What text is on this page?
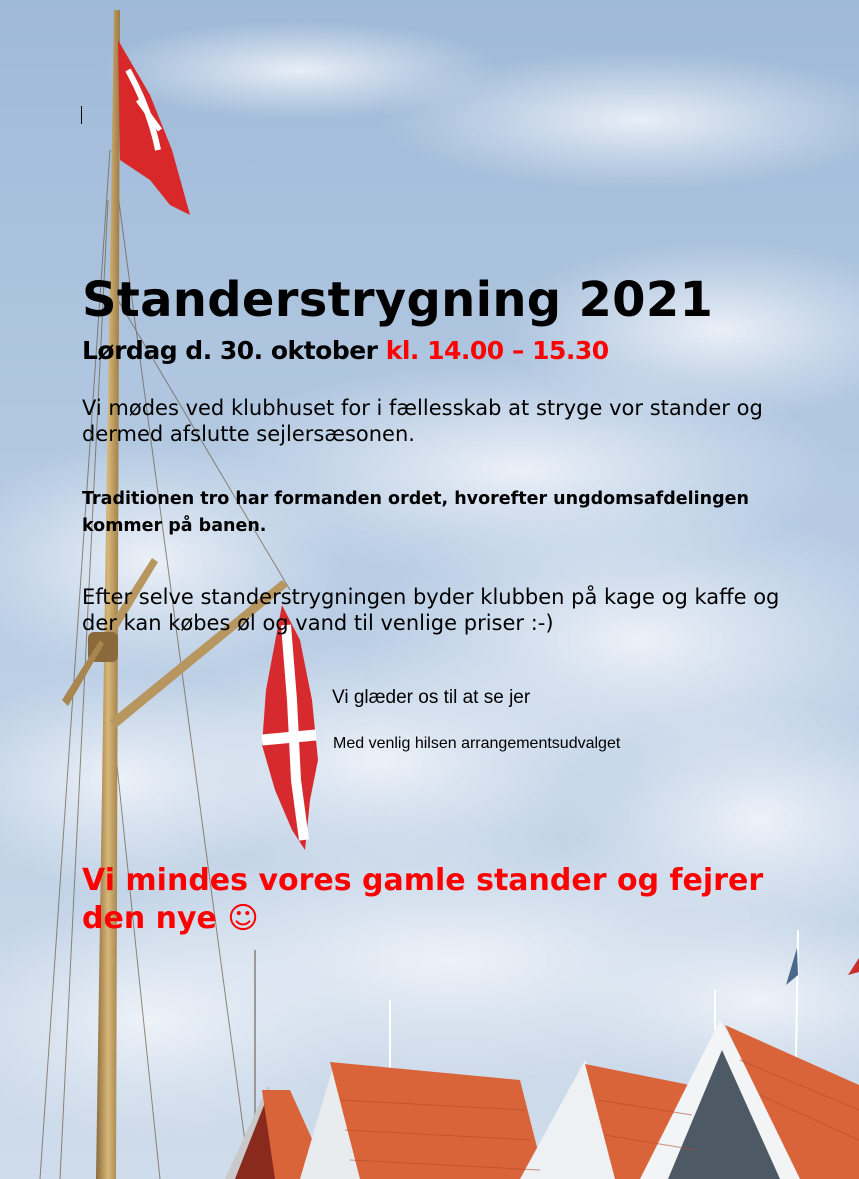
Standerstrygning 2021
Lørdag d. 30. oktober kl. 14.00 – 15.30

Vi mødes ved klubhuset for i fællesskab at stryge vor stander og dermed afslutte sejlersæsonen.

Traditionen tro har formanden ordet, hvorefter ungdomsafdelingen kommer på banen.

Efter selve standerstrygningen byder klubben på kage og kaffe og der kan købes øl og vand til venlige priser :-)

Vi glæder os til at se jer
Med venlig hilsen arrangementsudvalget

Vi mindes vores gamle stander og fejrer den nye ☺
